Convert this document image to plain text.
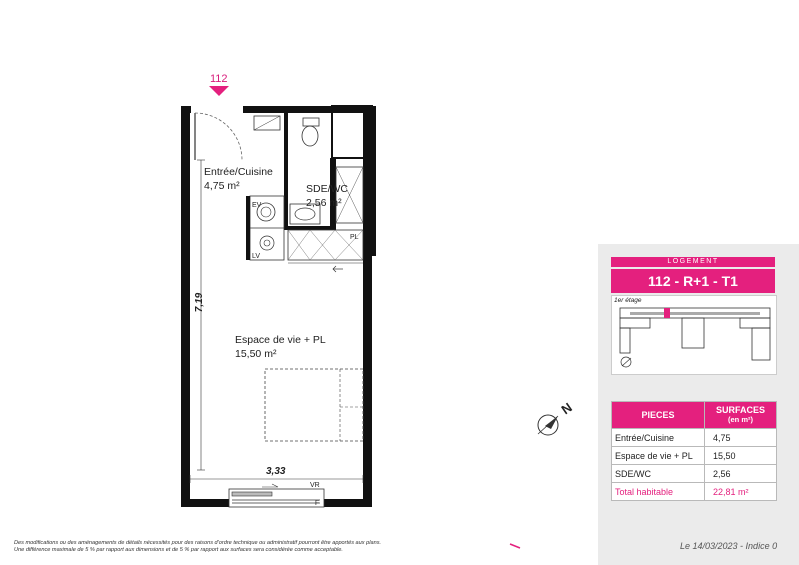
112
Entrée/Cuisine
4,75 m²	SDE/WC
2,56 m²
Espace de vie + PL
15,50 m²
7,19
3,33
PL
VR
F
EV
LV
N
LOGEMENT
112 - R+1 - T1
1er étage
PIECES	SURFACES
(en m²)
Entrée/Cuisine	4,75
Espace de vie + PL	15,50
SDE/WC	2,56
Total habitable	22,81 m²
Des modifications ou des aménagements de détails nécessités pour des raisons d'ordre technique ou administratif pourront être apportés aux plans.
Une différence maximale de 5 % par rapport aux dimensions et de 5 % par rapport aux surfaces sera considérée comme acceptable.	Le 14/03/2023 - Indice 0
